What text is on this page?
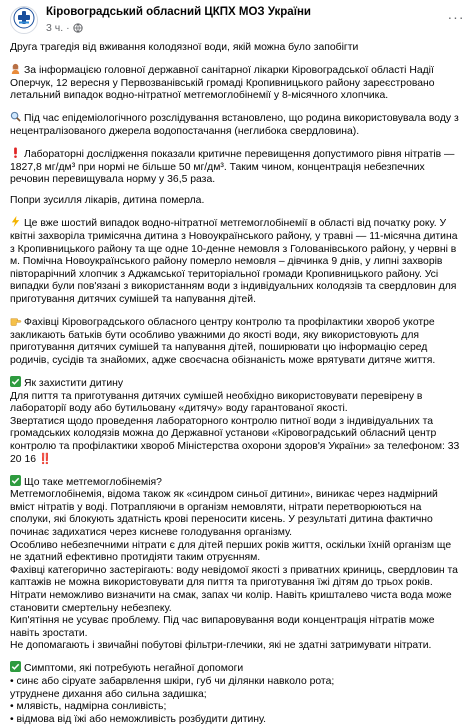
Кіровоградський обласний ЦКПХ МОЗ України
3 ч. ·
···
Друга трагедія від вживання колодязної води, якій можна було запобігти
За інформацією головної державної санітарної лікарки Кіровоградської області Надії Оперчук, 12 вересня у Первозванівській громаді Кропивницького району зареєстровано летальний випадок водно-нітратної метгемоглобінемії у 8-місячного хлопчика.
Під час епідеміологічного розслідування встановлено, що родина використовувала воду з нецентралізованого джерела водопостачання (неглибока свердловина).
Лабораторні дослідження показали критичне перевищення допустимого рівня нітратів — 1827,8 мг/дм³ при нормі не більше 50 мг/дм³. Таким чином, концентрація небезпечних речовин перевищувала норму у 36,5 раза.
Попри зусилля лікарів, дитина померла.
Це вже шостий випадок водно-нітратної метгемоглобінемії в області від початку року. У квітні захворіла тримісячна дитина з Новоукраїнського району, у травні — 11-місячна дитина з Кропивницького району та ще одне 10-денне немовля з Голованівського району, у червні в м. Помічна Новоукраїнського району померло немовля – дівчинка 9 днів, у липні захворів півторарічний хлопчик з Аджамської територіальної громади Кропивницького району. Усі випадки були пов'язані з використанням води з індивідуальних колодязів та свердловин для приготування дитячих сумішей та напування дітей.
Фахівці Кіровоградського обласного центру контролю та профілактики хвороб укотре закликають батьків бути особливо уважними до якості води, яку використовують для приготування дитячих сумішей та напування дітей, поширювати цю інформацію серед родичів, сусідів та знайомих, адже своєчасна обізнаність може врятувати дитяче життя.
Як захистити дитину
Для пиття та приготування дитячих сумішей необхідно використовувати перевірену в лабораторії воду або бутильовану «дитячу» воду гарантованої якості.
Звертатися щодо проведення лабораторного контролю питної води з індивідуальних та громадських колодязів можна до Державної установи «Кіровоградський обласний центр контролю та профілактики хвороб Міністерства охорони здоров'я України» за телефоном: 33 20 16 ‼️
Що таке метгемоглобінемія?
Метгемоглобінемія, відома також як «синдром синьої дитини», виникає через надмірний вміст нітратів у воді. Потрапляючи в організм немовляти, нітрати перетворюються на сполуки, які блокують здатність крові переносити кисень. У результаті дитина фактично починає задихатися через кисневе голодування організму.
Особливо небезпечними нітрати є для дітей перших років життя, оскільки їхній організм ще не здатний ефективно протидіяти таким отруєнням.
Фахівці категорично застерігають: воду невідомої якості з приватних криниць, свердловин та каптажів не можна використовувати для пиття та приготування їжі дітям до трьох років.
Нітрати неможливо визначити на смак, запах чи колір. Навіть кришталево чиста вода може становити смертельну небезпеку.
Кип'ятіння не усуває проблему. Під час випаровування води концентрація нітратів може навіть зростати.
Не допомагають і звичайні побутові фільтри-глечики, які не здатні затримувати нітрати.
Симптоми, які потребують негайної допомоги
• синє або сіруате забарвлення шкіри, губ чи ділянки навколо рота;
утруднене дихання або сильна задишка;
• млявість, надмірна сонливість;
• відмова від їжі або неможливість розбудити дитину.
